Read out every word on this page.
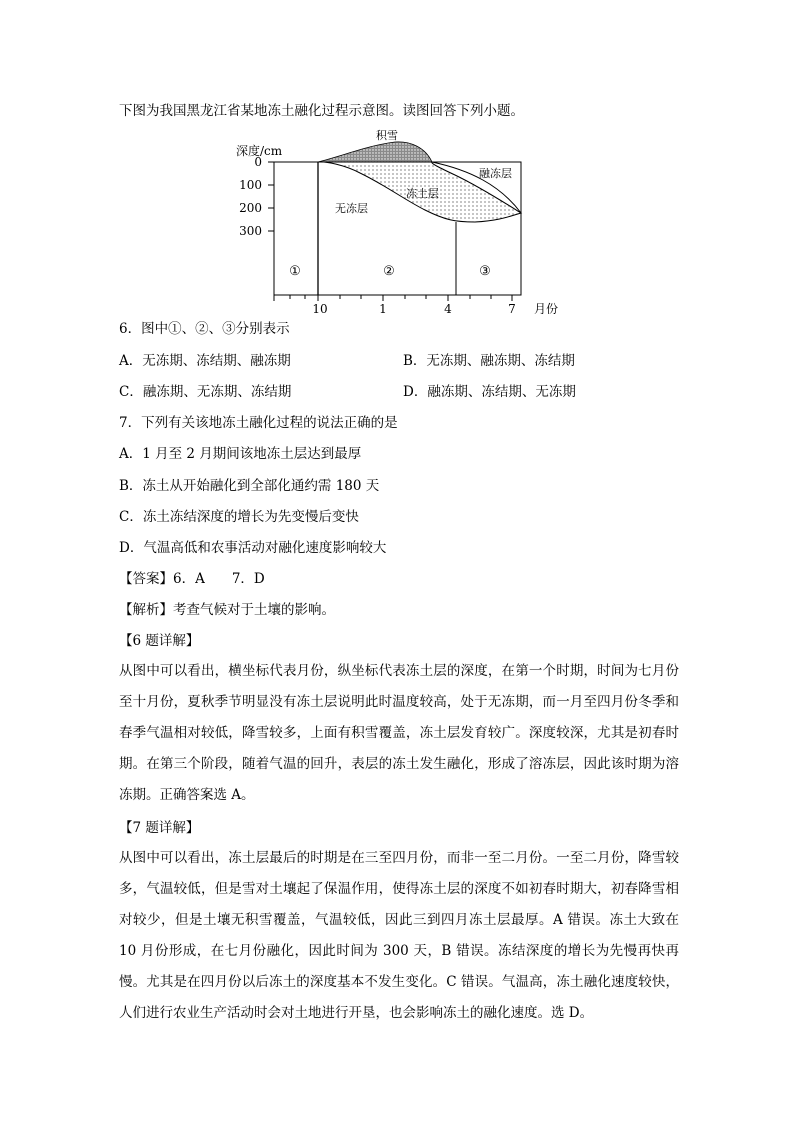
下图为我国黑龙江省某地冻土融化过程示意图。读图回答下列小题。
深度/cm
0
100
200
300
10	1	4	7 月份
积雪
融冻层
冻土层
无冻层
①	②	③
6．图中①、②、③分别表示
A．无冻期、冻结期、融冻期	B．无冻期、融冻期、冻结期
C．融冻期、无冻期、冻结期	D．融冻期、冻结期、无冻期
7．下列有关该地冻土融化过程的说法正确的是
A．1 月至 2 月期间该地冻土层达到最厚
B．冻土从开始融化到全部化通约需 180 天
C．冻土冻结深度的增长为先变慢后变快
D．气温高低和农事活动对融化速度影响较大
【答案】6．A　　7．D
【解析】考查气候对于土壤的影响。
【6 题详解】
从图中可以看出，横坐标代表月份，纵坐标代表冻土层的深度，在第一个时期，时间为七月份至十月份，夏秋季节明显没有冻土层说明此时温度较高，处于无冻期，而一月至四月份冬季和春季气温相对较低，降雪较多，上面有积雪覆盖，冻土层发育较广。深度较深，尤其是初春时期。在第三个阶段，随着气温的回升，表层的冻土发生融化，形成了溶冻层，因此该时期为溶冻期。正确答案选 A。
【7 题详解】
从图中可以看出，冻土层最后的时期是在三至四月份，而非一至二月份。一至二月份，降雪较多，气温较低，但是雪对土壤起了保温作用，使得冻土层的深度不如初春时期大，初春降雪相对较少，但是土壤无积雪覆盖，气温较低，因此三到四月冻土层最厚。A 错误。冻土大致在 10 月份形成，在七月份融化，因此时间为 300 天，B 错误。冻结深度的增长为先慢再快再慢。尤其是在四月份以后冻土的深度基本不发生变化。C 错误。气温高，冻土融化速度较快，人们进行农业生产活动时会对土地进行开垦，也会影响冻土的融化速度。选 D。
